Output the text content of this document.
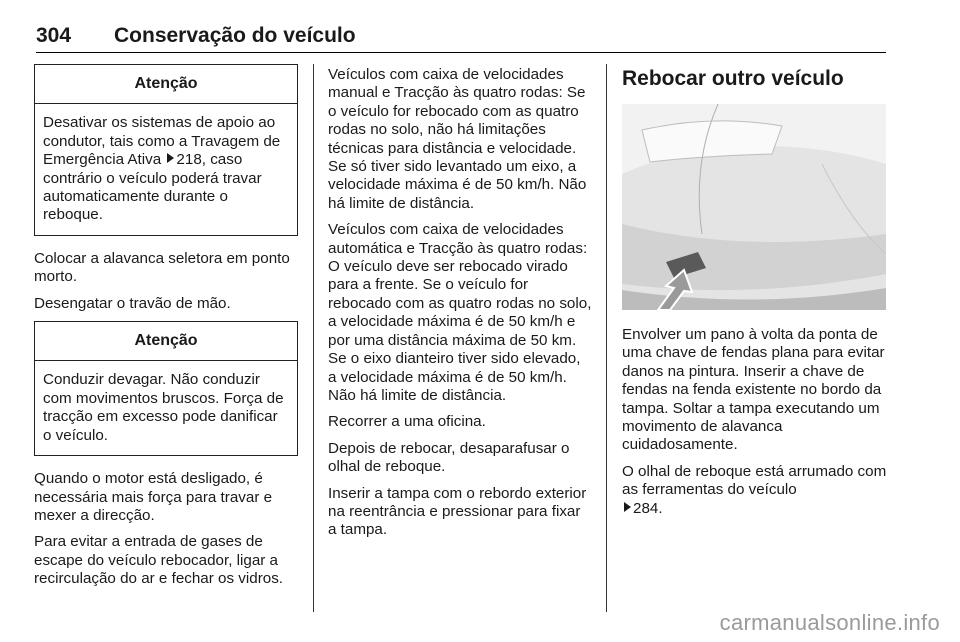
304 Conservação do veículo
Atenção
Desativar os sistemas de apoio ao condutor, tais como a Travagem de Emergência Ativa 218, caso contrário o veículo poderá travar automaticamente durante o reboque.

Colocar a alavanca seletora em ponto morto.

Desengatar o travão de mão.

Atenção
Conduzir devagar. Não conduzir com movimentos bruscos. Força de tracção em excesso pode danificar o veículo.

Quando o motor está desligado, é necessária mais força para travar e mexer a direcção.

Para evitar a entrada de gases de escape do veículo rebocador, ligar a recirculação do ar e fechar os vidros.

Veículos com caixa de velocidades manual e Tracção às quatro rodas: Se o veículo for rebocado com as quatro rodas no solo, não há limitações técnicas para distância e velocidade. Se só tiver sido levantado um eixo, a velocidade máxima é de 50 km/h. Não há limite de distância.

Veículos com caixa de velocidades automática e Tracção às quatro rodas: O veículo deve ser rebocado virado para a frente. Se o veículo for rebocado com as quatro rodas no solo, a velocidade máxima é de 50 km/h e por uma distância máxima de 50 km. Se o eixo dianteiro tiver sido elevado, a velocidade máxima é de 50 km/h. Não há limite de distância.

Recorrer a uma oficina.

Depois de rebocar, desaparafusar o olhal de reboque.

Inserir a tampa com o rebordo exterior na reentrância e pressionar para fixar a tampa.

Rebocar outro veículo

Envolver um pano à volta da ponta de uma chave de fendas plana para evitar danos na pintura. Inserir a chave de fendas na fenda existente no bordo da tampa. Soltar a tampa executando um movimento de alavanca cuidadosamente.

O olhal de reboque está arrumado com as ferramentas do veículo
284.

carmanualsonline.info
